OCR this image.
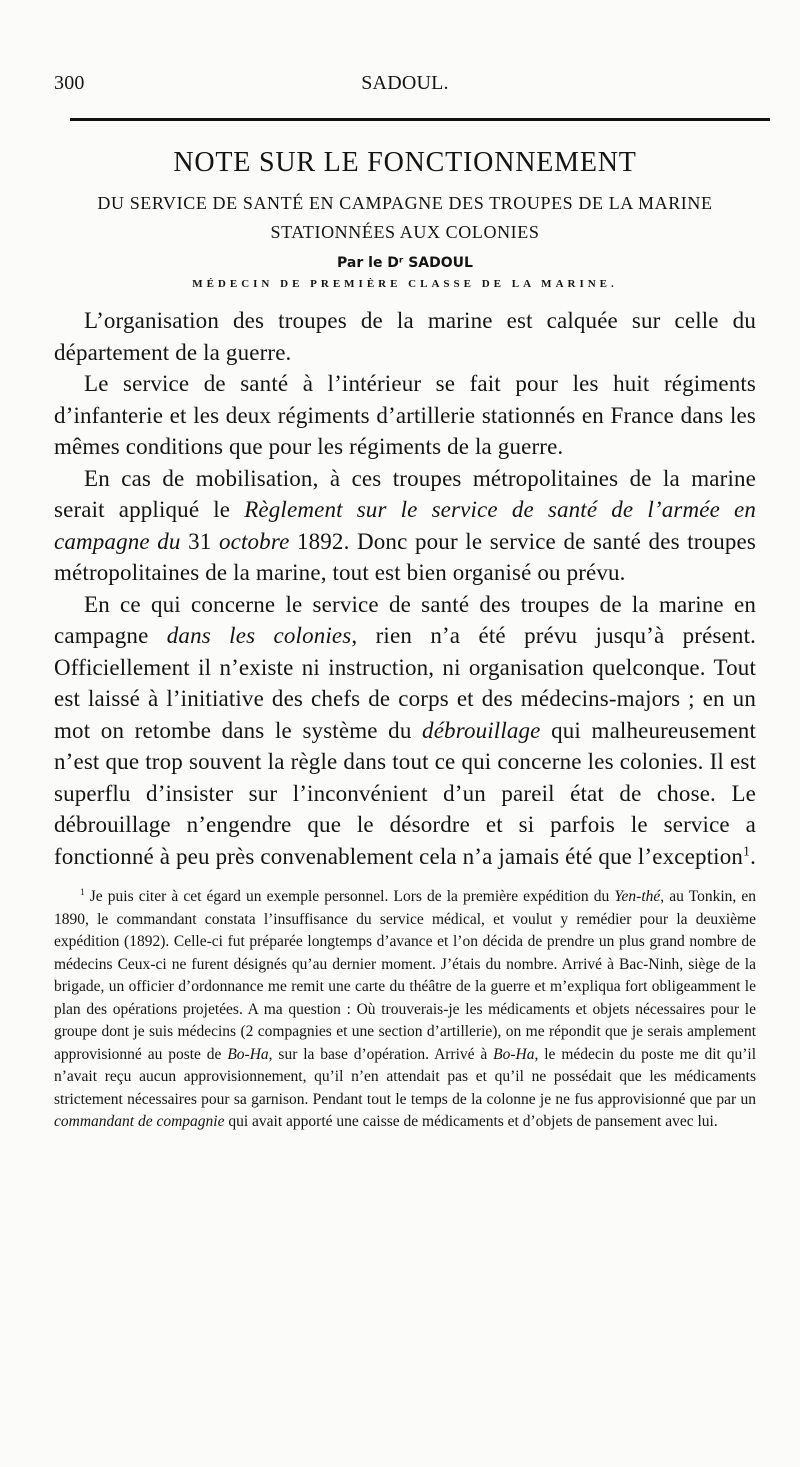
300	SADOUL.
NOTE SUR LE FONCTIONNEMENT
DU SERVICE DE SANTÉ EN CAMPAGNE DES TROUPES DE LA MARINE
STATIONNÉES AUX COLONIES
Par le Dʳ SADOUL
MÉDECIN DE PREMIÈRE CLASSE DE LA MARINE.

L’organisation des troupes de la marine est calquée sur celle du département de la guerre.

Le service de santé à l’intérieur se fait pour les huit régiments d’infanterie et les deux régiments d’artillerie stationnés en France dans les mêmes conditions que pour les régiments de la guerre.

En cas de mobilisation, à ces troupes métropolitaines de la marine serait appliqué le Règlement sur le service de santé de l’armée en campagne du 31 octobre 1892. Donc pour le service de santé des troupes métropolitaines de la marine, tout est bien organisé ou prévu.

En ce qui concerne le service de santé des troupes de la marine en campagne dans les colonies, rien n’a été prévu jusqu’à présent. Officiellement il n’existe ni instruction, ni organisation quelconque. Tout est laissé à l’initiative des chefs de corps et des médecins-majors ; en un mot on retombe dans le système du débrouillage qui malheureusement n’est que trop souvent la règle dans tout ce qui concerne les colonies. Il est superflu d’insister sur l’inconvénient d’un pareil état de chose. Le débrouillage n’engendre que le désordre et si parfois le service a fonctionné à peu près convenablement cela n’a jamais été que l’exception$^1$.

$^1$ Je puis citer à cet égard un exemple personnel. Lors de la première expédition du Yen-thé, au Tonkin, en 1890, le commandant constata l’insuffisance du service médical, et voulut y remédier pour la deuxième expédition (1892). Celle-ci fut préparée longtemps d’avance et l’on décida de prendre un plus grand nombre de médecins Ceux-ci ne furent désignés qu’au dernier moment. J’étais du nombre. Arrivé à Bac-Ninh, siège de la brigade, un officier d’ordonnance me remit une carte du théâtre de la guerre et m’expliqua fort obligeamment le plan des opérations projetées. A ma question : Où trouverais-je les médicaments et objets nécessaires pour le groupe dont je suis médecins (2 compagnies et une section d’artillerie), on me répondit que je serais amplement approvisionné au poste de Bo-Ha, sur la base d’opération. Arrivé à Bo-Ha, le médecin du poste me dit qu’il n’avait reçu aucun approvisionnement, qu’il n’en attendait pas et qu’il ne possédait que les médicaments strictement nécessaires pour sa garnison. Pendant tout le temps de la colonne je ne fus approvisionné que par un commandant de compagnie qui avait apporté une caisse de médicaments et d’objets de pansement avec lui.
